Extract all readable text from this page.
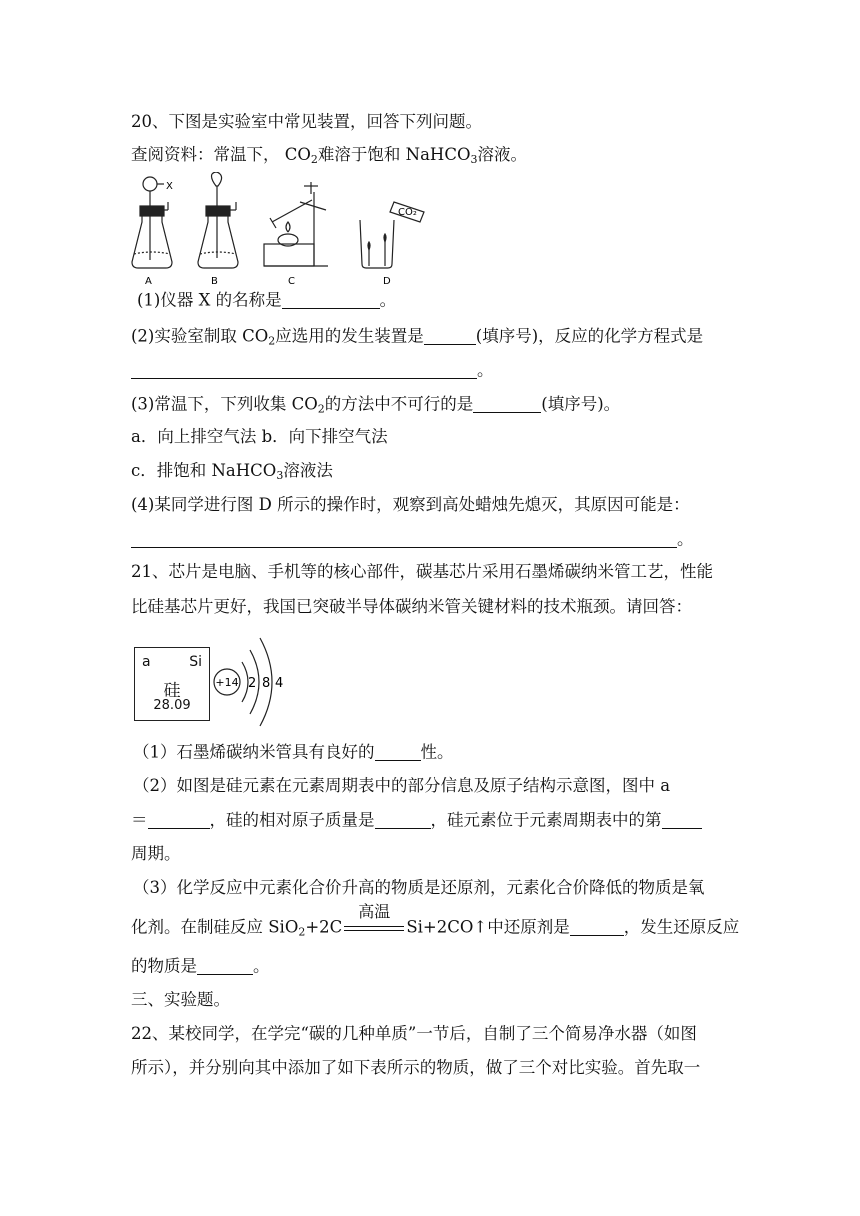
20、下图是实验室中常见装置，回答下列问题。
查阅资料：常温下， $CO_2$难溶于饱和 NaHCO$_3$溶液。
X
CO₂
A	B	C	D
(1)仪器 X 的名称是	。
(2)实验室制取 $CO_2$应选用的发生装置是	(填序号)，反应的化学方程式是
。
(3)常温下，下列收集 $CO_2$的方法中不可行的是	(填序号)。
a．向上排空气法 b．向下排空气法
c．排饱和 NaHCO$_3$溶液法
(4)某同学进行图 D 所示的操作时，观察到高处蜡烛先熄灭，其原因可能是：
。
21、芯片是电脑、手机等的核心部件，碳基芯片采用石墨烯碳纳米管工艺，性能
比硅基芯片更好，我国已突破半导体碳纳米管关键材料的技术瓶颈。请回答：
a	Si
硅
28.09
+14 2 8 4
（1）石墨烯碳纳米管具有良好的	性。
（2）如图是硅元素在元素周期表中的部分信息及原子结构示意图，图中 a
＝	，硅的相对原子质量是	，硅元素位于元素周期表中的第
周期。
（3）化学反应中元素化合价升高的物质是还原剂，元素化合价降低的物质是氧
化剂。在制硅反应 SiO$_2$+2C
高温
Si+2CO↑中还原剂是	，发生还原反应
的物质是	。
三、实验题。
22、某校同学，在学完“碳的几种单质”一节后，自制了三个简易净水器（如图
所示），并分别向其中添加了如下表所示的物质，做了三个对比实验。首先取一
